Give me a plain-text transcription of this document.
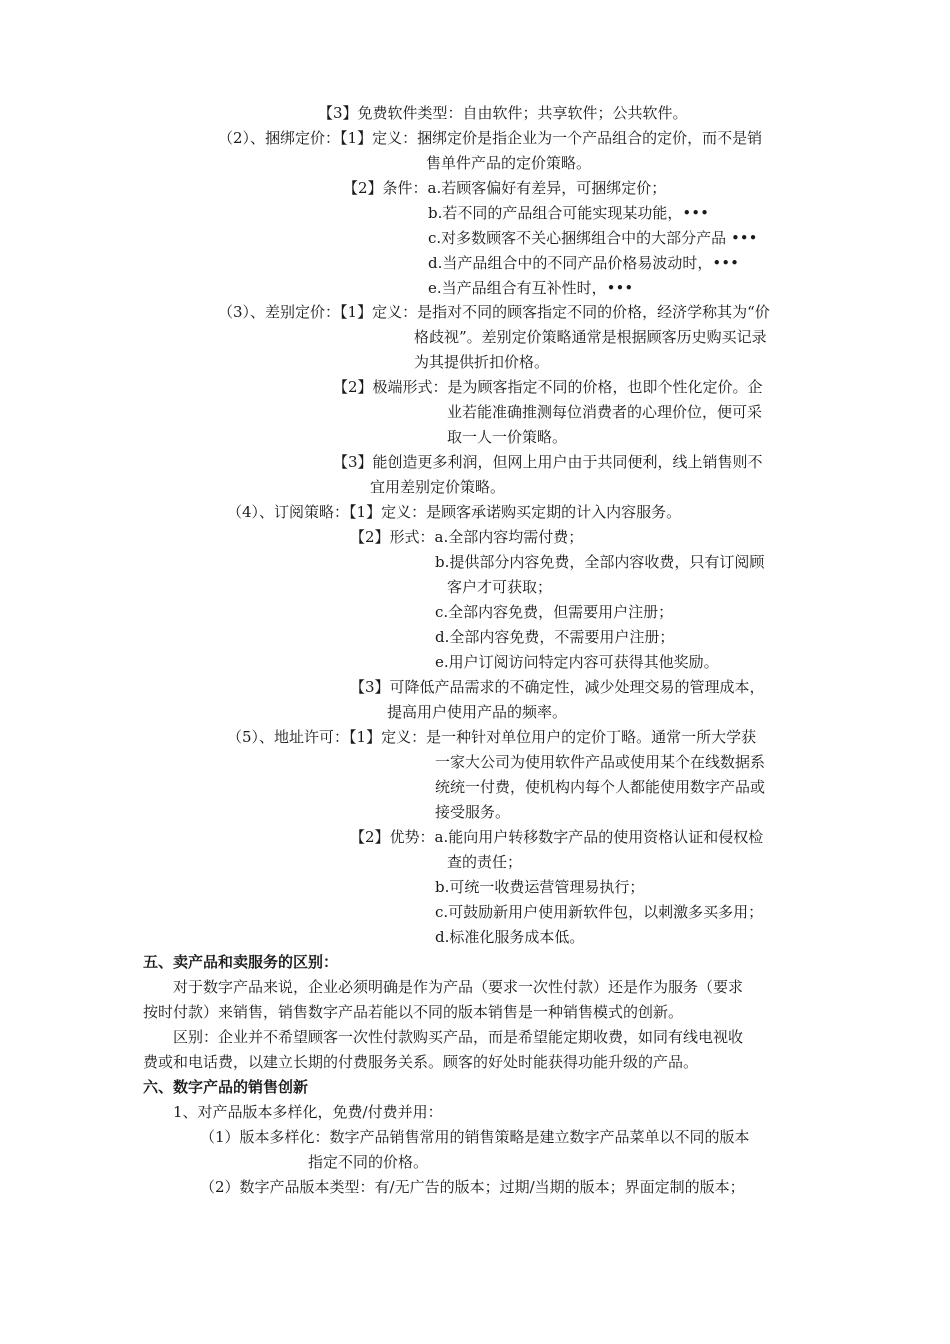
【3】免费软件类型：自由软件；共享软件；公共软件。
（2）、捆绑定价：【1】定义：捆绑定价是指企业为一个产品组合的定价，而不是销
售单件产品的定价策略。
【2】条件：a.若顾客偏好有差异，可捆绑定价；
b.若不同的产品组合可能实现某功能，•••
c.对多数顾客不关心捆绑组合中的大部分产品 •••
d.当产品组合中的不同产品价格易波动时，•••
e.当产品组合有互补性时，•••
（3）、差别定价：【1】定义：是指对不同的顾客指定不同的价格，经济学称其为“价
格歧视”。差别定价策略通常是根据顾客历史购买记录
为其提供折扣价格。
【2】极端形式：是为顾客指定不同的价格，也即个性化定价。企
业若能准确推测每位消费者的心理价位，便可采
取一人一价策略。
【3】能创造更多利润，但网上用户由于共同便利，线上销售则不
宜用差别定价策略。
（4）、订阅策略：【1】定义：是顾客承诺购买定期的计入内容服务。
【2】形式：a.全部内容均需付费；
b.提供部分内容免费，全部内容收费，只有订阅顾
客户才可获取；
c.全部内容免费，但需要用户注册；
d.全部内容免费，不需要用户注册；
e.用户订阅访问特定内容可获得其他奖励。
【3】可降低产品需求的不确定性，减少处理交易的管理成本，
提高用户使用产品的频率。
（5）、地址许可：【1】定义：是一种针对单位用户的定价丁略。通常一所大学获
一家大公司为使用软件产品或使用某个在线数据系
统统一付费，使机构内每个人都能使用数字产品或
接受服务。
【2】优势：a.能向用户转移数字产品的使用资格认证和侵权检
查的责任；
b.可统一收费运营管理易执行；
c.可鼓励新用户使用新软件包，以刺激多买多用；
d.标准化服务成本低。
五、卖产品和卖服务的区别：
对于数字产品来说，企业必须明确是作为产品（要求一次性付款）还是作为服务（要求
按时付款）来销售，销售数字产品若能以不同的版本销售是一种销售模式的创新。
区别：企业并不希望顾客一次性付款购买产品，而是希望能定期收费，如同有线电视收
费或和电话费，以建立长期的付费服务关系。顾客的好处时能获得功能升级的产品。
六、数字产品的销售创新
1、对产品版本多样化，免费/付费并用：
（1）版本多样化：数字产品销售常用的销售策略是建立数字产品菜单以不同的版本
指定不同的价格。
（2）数字产品版本类型：有/无广告的版本；过期/当期的版本；界面定制的版本；
